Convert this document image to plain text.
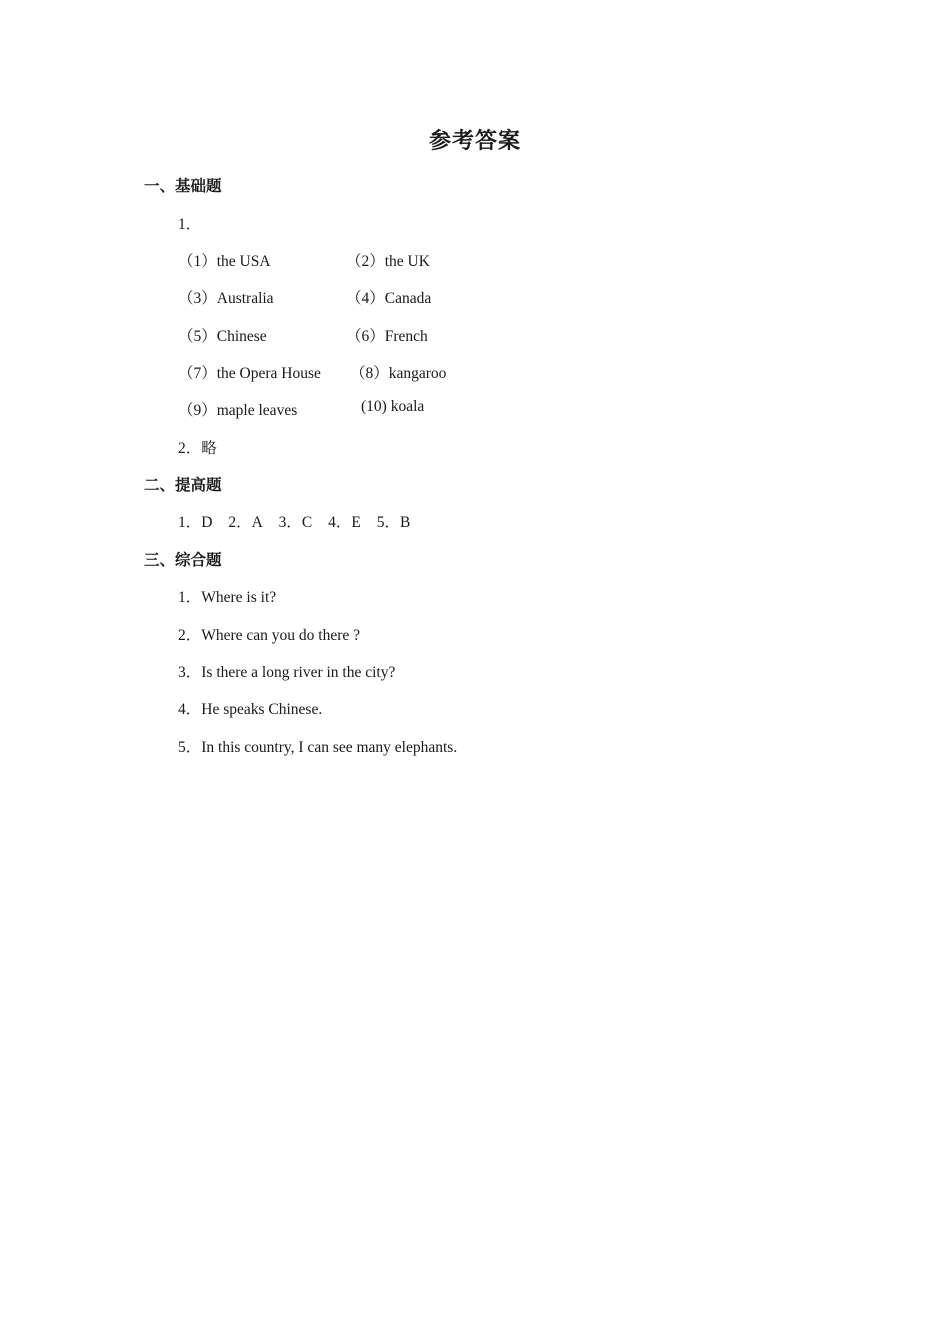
参考答案
一、基础题
1．
（1）the USA	（2）the UK
（3）Australia	（4）Canada
（5）Chinese	（6）French
（7）the Opera House （8）kangaroo
（9）maple leaves	(10) koala
2．略
二、提高题
1．D 2．A 3．C 4．E 5．B
三、综合题
1．Where is it?
2．Where can you do there ?
3．Is there a long river in the city?
4．He speaks Chinese.
5．In this country, I can see many elephants.
